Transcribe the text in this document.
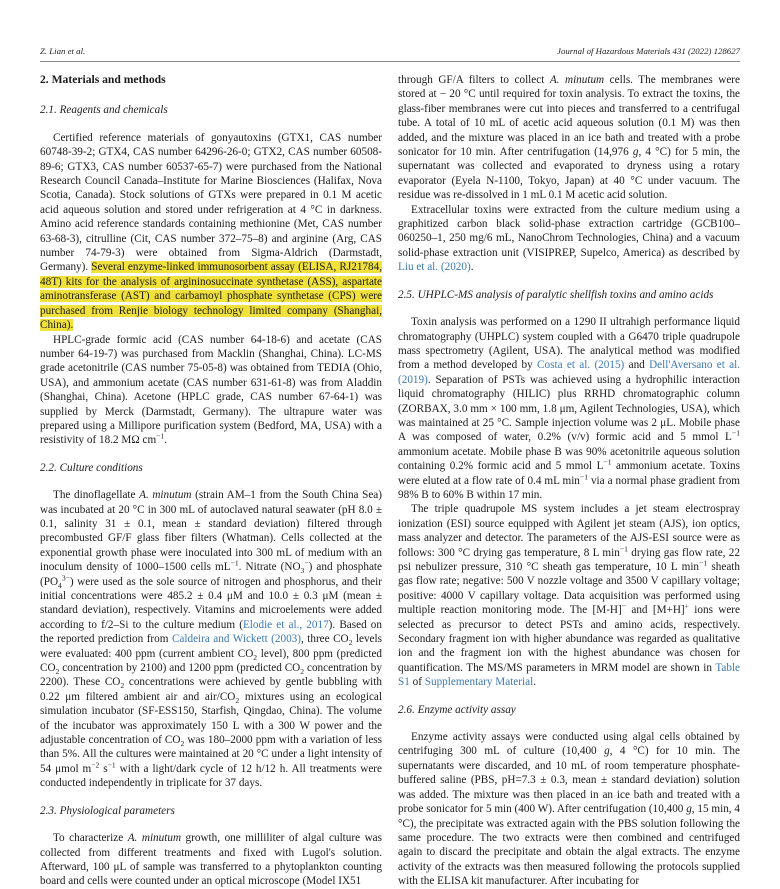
Z. Lian et al.	Journal of Hazardous Materials 431 (2022) 128627
2. Materials and methods
2.1. Reagents and chemicals

Certified reference materials of gonyautoxins (GTX1, CAS number 60748-39-2; GTX4, CAS number 64296-26-0; GTX2, CAS number 60508-89-6; GTX3, CAS number 60537-65-7) were purchased from the National Research Council Canada–Institute for Marine Biosciences (Halifax, Nova Scotia, Canada). Stock solutions of GTXs were prepared in 0.1 M acetic acid aqueous solution and stored under refrigeration at 4 °C in darkness. Amino acid reference standards containing methionine (Met, CAS number 63-68-3), citrulline (Cit, CAS number 372–75–8) and arginine (Arg, CAS number 74-79-3) were obtained from Sigma-Aldrich (Darmstadt, Germany). Several enzyme-linked immunosorbent assay (ELISA, RJ21784, 48T) kits for the analysis of argininosuccinate synthetase (ASS), aspartate aminotransferase (AST) and carbamoyl phosphate synthetase (CPS) were purchased from Renjie biology technology limited company (Shanghai, China).

HPLC-grade formic acid (CAS number 64-18-6) and acetate (CAS number 64-19-7) was purchased from Macklin (Shanghai, China). LC-MS grade acetonitrile (CAS number 75-05-8) was obtained from TEDIA (Ohio, USA), and ammonium acetate (CAS number 631-61-8) was from Aladdin (Shanghai, China). Acetone (HPLC grade, CAS number 67-64-1) was supplied by Merck (Darmstadt, Germany). The ultrapure water was prepared using a Millipore purification system (Bedford, MA, USA) with a resistivity of 18.2 MΩ $cm^{-1}$.

2.2. Culture conditions

The dinoflagellate A. minutum (strain AM–1 from the South China Sea) was incubated at 20 °C in 300 mL of autoclaved natural seawater (pH 8.0 ± 0.1, salinity 31 ± 0.1, mean ± standard deviation) filtered through precombusted GF/F glass fiber filters (Whatman). Cells collected at the exponential growth phase were inoculated into 300 mL of medium with an inoculum density of 1000–1500 cells $mL^{-1}$. Nitrate $(NO_3^-)$ and phosphate $(PO_4^{3-})$ were used as the sole source of nitrogen and phosphorus, and their initial concentrations were 485.2 ± 0.4 μM and 10.0 ± 0.3 μM (mean ± standard deviation), respectively. Vitamins and microelements were added according to f/2–Si to the culture medium (Elodie et al., 2017). Based on the reported prediction from Caldeira and Wickett (2003), three $CO_2$ levels were evaluated: 400 ppm (current ambient $CO_2$ level), 800 ppm (predicted $CO_2$ concentration by 2100) and 1200 ppm (predicted $CO_2$ concentration by 2200). These $CO_2$ concentrations were achieved by gentle bubbling with 0.22 μm filtered ambient air and air/$CO_2$ mixtures using an ecological simulation incubator (SF-ESS150, Starfish, Qingdao, China). The volume of the incubator was approximately 150 L with a 300 W power and the adjustable concentration of $CO_2$ was 180–2000 ppm with a variation of less than 5%. All the cultures were maintained at 20 °C under a light intensity of 54 μmol $m^{-2}$ $s^{-1}$ with a light/dark cycle of 12 h/12 h. All treatments were conducted independently in triplicate for 37 days.

2.3. Physiological parameters

To characterize A. minutum growth, one milliliter of algal culture was collected from different treatments and fixed with Lugol's solution. Afterward, 100 μL of sample was transferred to a phytoplankton counting board and cells were counted under an optical microscope (Model IX51

through GF/A filters to collect A. minutum cells. The membranes were stored at − 20 °C until required for toxin analysis. To extract the toxins, the glass-fiber membranes were cut into pieces and transferred to a centrifugal tube. A total of 10 mL of acetic acid aqueous solution (0.1 M) was then added, and the mixture was placed in an ice bath and treated with a probe sonicator for 10 min. After centrifugation (14,976 g, 4 °C) for 5 min, the supernatant was collected and evaporated to dryness using a rotary evaporator (Eyela N-1100, Tokyo, Japan) at 40 °C under vacuum. The residue was re-dissolved in 1 mL 0.1 M acetic acid solution.

Extracellular toxins were extracted from the culture medium using a graphitized carbon black solid-phase extraction cartridge (GCB100–060250–1, 250 mg/6 mL, NanoChrom Technologies, China) and a vacuum solid-phase extraction unit (VISIPREP, Supelco, America) as described by Liu et al. (2020).

2.5. UHPLC-MS analysis of paralytic shellfish toxins and amino acids

Toxin analysis was performed on a 1290 II ultrahigh performance liquid chromatography (UHPLC) system coupled with a G6470 triple quadrupole mass spectrometry (Agilent, USA). The analytical method was modified from a method developed by Costa et al. (2015) and Dell'Aversano et al. (2019). Separation of PSTs was achieved using a hydrophilic interaction liquid chromatography (HILIC) plus RRHD chromatographic column (ZORBAX, 3.0 mm × 100 mm, 1.8 μm, Agilent Technologies, USA), which was maintained at 25 °C. Sample injection volume was 2 μL. Mobile phase A was composed of water, 0.2% (v/v) formic acid and 5 mmol $L^{-1}$ ammonium acetate. Mobile phase B was 90% acetonitrile aqueous solution containing 0.2% formic acid and 5 mmol $L^{-1}$ ammonium acetate. Toxins were eluted at a flow rate of 0.4 mL $\min^{-1}$ via a normal phase gradient from 98% B to 60% B within 17 min.

The triple quadrupole MS system includes a jet steam electrospray ionization (ESI) source equipped with Agilent jet steam (AJS), ion optics, mass analyzer and detector. The parameters of the AJS-ESI source were as follows: 300 °C drying gas temperature, 8 L $\min^{-1}$ drying gas flow rate, 22 psi nebulizer pressure, 310 °C sheath gas temperature, 10 L $\min^{-1}$ sheath gas flow rate; negative: 500 V nozzle voltage and 3500 V capillary voltage; positive: 4000 V capillary voltage. Data acquisition was performed using multiple reaction monitoring mode. The [M-H]− and [M+H]+ ions were selected as precursor to detect PSTs and amino acids, respectively. Secondary fragment ion with higher abundance was regarded as qualitative ion and the fragment ion with the highest abundance was chosen for quantification. The MS/MS parameters in MRM model are shown in Table S1 of Supplementary Material.

2.6. Enzyme activity assay

Enzyme activity assays were conducted using algal cells obtained by centrifuging 300 mL of culture (10,400 g, 4 °C) for 10 min. The supernatants were discarded, and 10 mL of room temperature phosphate-buffered saline (PBS, pH=7.3 ± 0.3, mean ± standard deviation) solution was added. The mixture was then placed in an ice bath and treated with a probe sonicator for 5 min (400 W). After centrifugation (10,400 g, 15 min, 4 °C), the precipitate was extracted again with the PBS solution following the same procedure. The two extracts were then combined and centrifuged again to discard the precipitate and obtain the algal extracts. The enzyme activity of the extracts was then measured following the protocols supplied with the ELISA kit manufacturer. After incubating for
